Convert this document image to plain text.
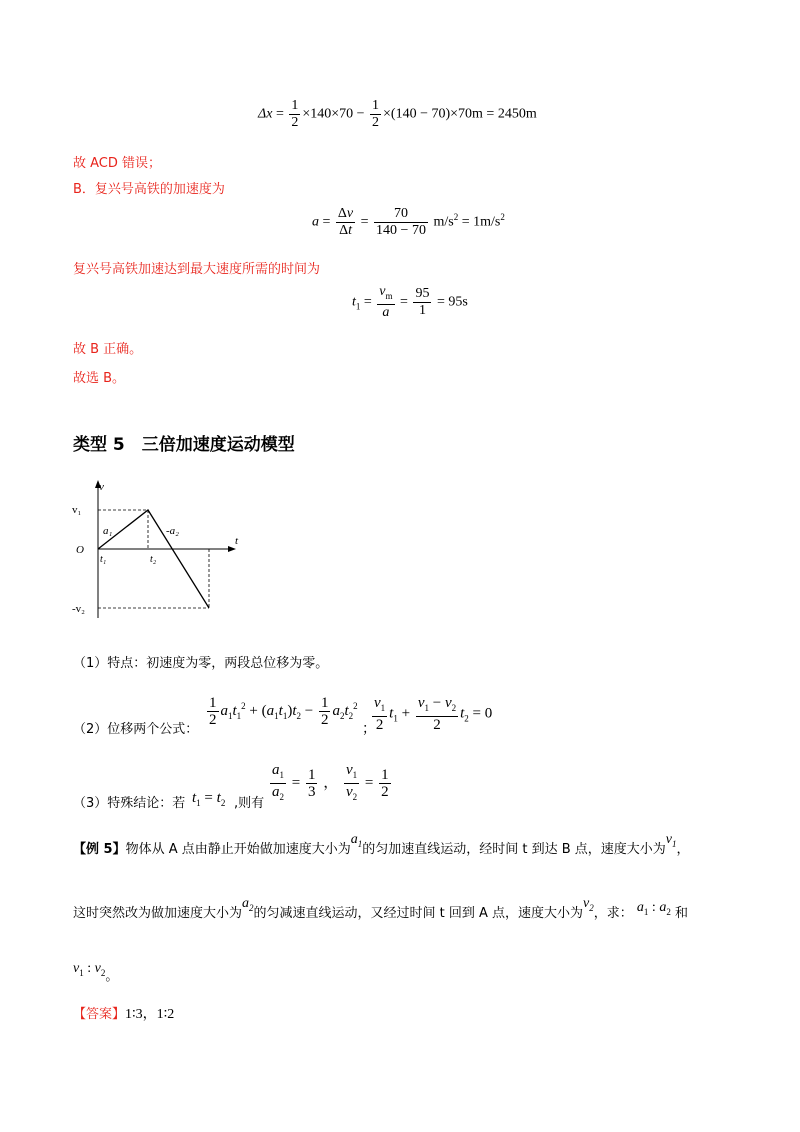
$\Delta x = \frac{1}{2} \times 140\times 70 - \frac{1}{2} \times(140 - 70)\times 70m = 2450m$
故 ACD 错误；
B．复兴号高铁的加速度为
$a = \frac{\Delta v}{\Delta t} = \frac{70}{140 - 70} m/s^2 = 1m/s^2$
复兴号高铁加速达到最大速度所需的时间为
$t_1 = \frac{v_m}{a} = \frac{95}{1} = 95s$
故 B 正确。
故选 B。
类型 5　三倍加速度运动模型
v
t
O
v₁
-v₂
a₁	-a₂
t₁	t₂
（1）特点：初速度为零，两段总位移为零。
（2）位移两个公式：
$\frac{1}{2} a_1t_1^2 + (a_1t_1)t_2 - \frac{1}{2} a_2t_2^2$
；
$\frac{v_1}{2} t_1 + \frac{v_1 - v_2}{2} t_2 = 0$
（3）特殊结论：若 $t_1 = t_2$ ,则有 $\frac{a_1}{a_2} = \frac{1}{3}$ ， $\frac{v_1}{v_2} = \frac{1}{2}$
【例 5】物体从 A 点由静止开始做加速度大小为$a_1$的匀加速直线运动，经时间 t 到达 B 点，速度大小为$v_1$，
这时突然改为做加速度大小为$a_2$的匀减速直线运动，又经过时间 t 回到 A 点，速度大小为$v_2$，求： $a_1$ : $a_2$ 和
$v_1$ : $v_2$。
【答案】1∶3，1∶2
